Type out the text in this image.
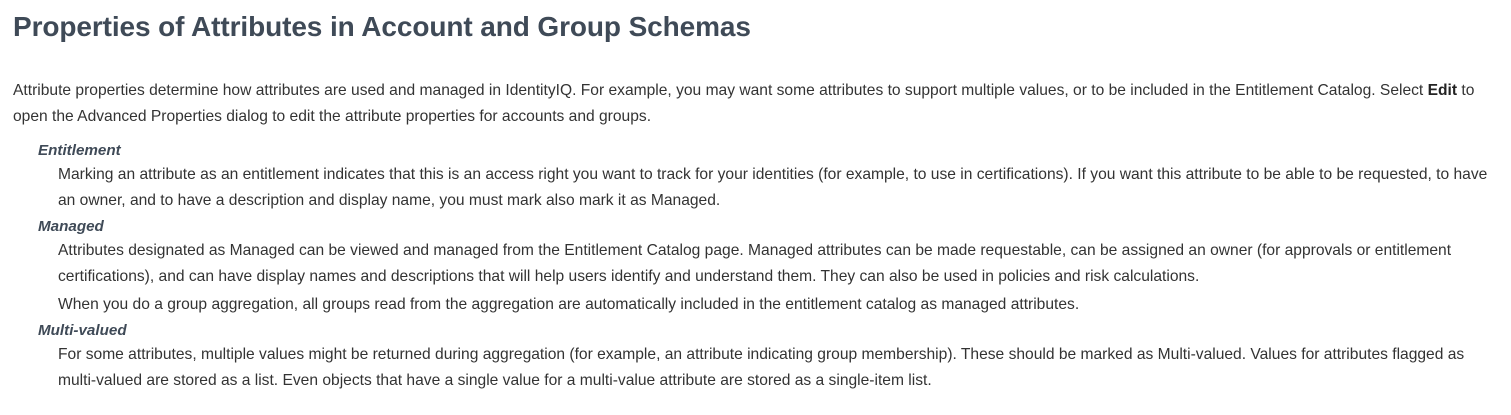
Properties of Attributes in Account and Group Schemas

Attribute properties determine how attributes are used and managed in IdentityIQ. For example, you may want some attributes to support multiple values, or to be included in the Entitlement Catalog. Select Edit to open the Advanced Properties dialog to edit the attribute properties for accounts and groups.

Entitlement

Marking an attribute as an entitlement indicates that this is an access right you want to track for your identities (for example, to use in certifications). If you want this attribute to be able to be requested, to have an owner, and to have a description and display name, you must mark also mark it as Managed.

Managed

Attributes designated as Managed can be viewed and managed from the Entitlement Catalog page. Managed attributes can be made requestable, can be assigned an owner (for approvals or entitlement certifications), and can have display names and descriptions that will help users identify and understand them. They can also be used in policies and risk calculations.

When you do a group aggregation, all groups read from the aggregation are automatically included in the entitlement catalog as managed attributes.

Multi-valued

For some attributes, multiple values might be returned during aggregation (for example, an attribute indicating group membership). These should be marked as Multi-valued. Values for attributes flagged as multi-valued are stored as a list. Even objects that have a single value for a multi-value attribute are stored as a single-item list.
